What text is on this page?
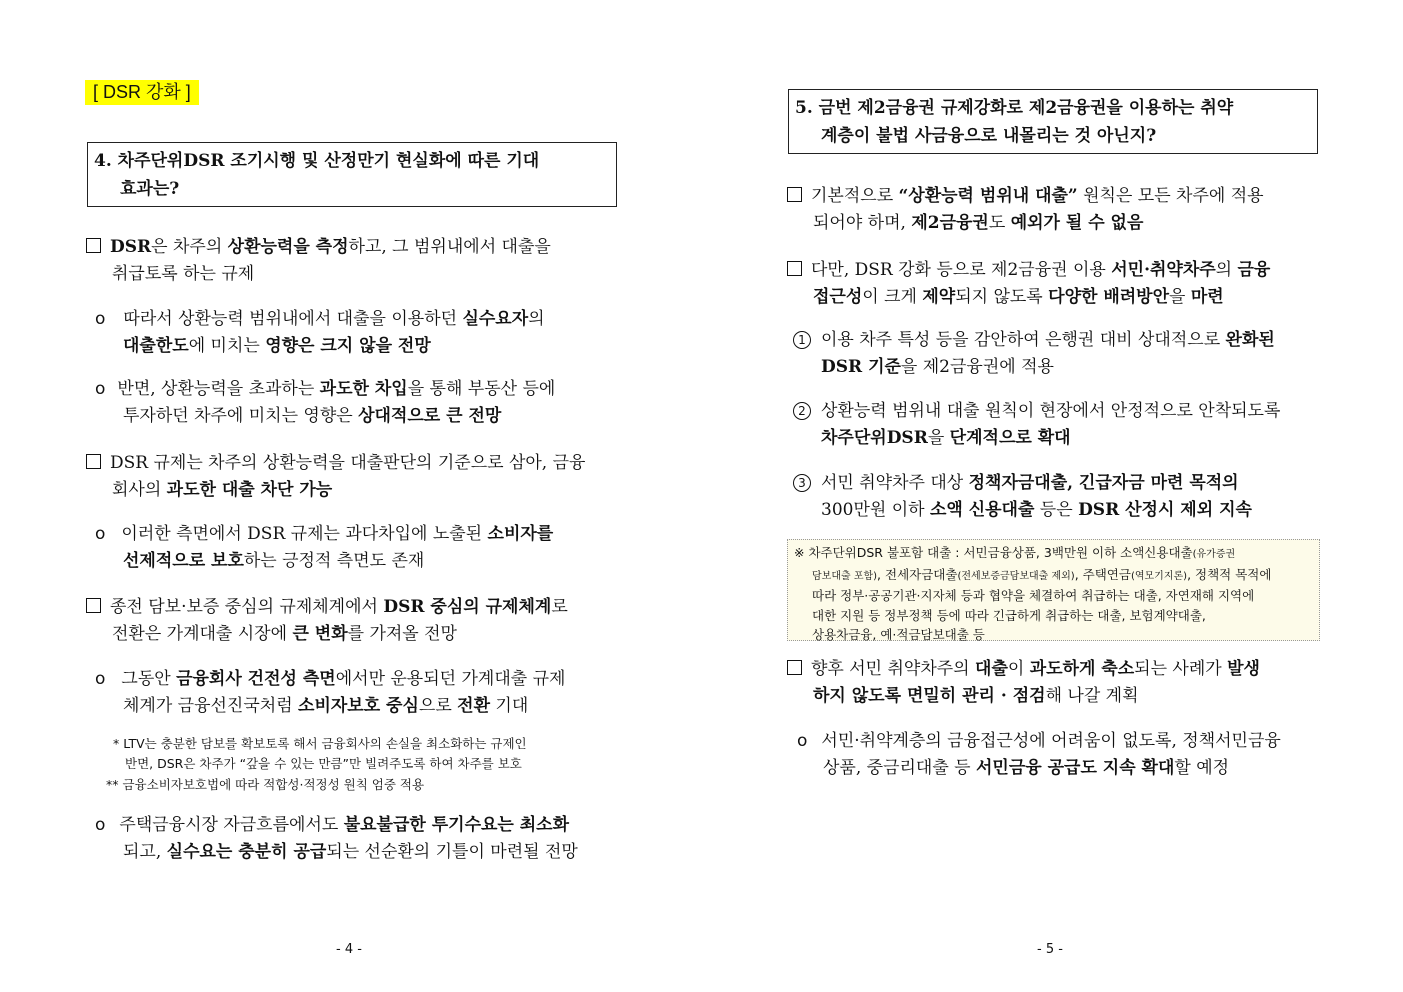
[ DSR 강화 ]
4. 차주단위DSR 조기시행 및 산정만기 현실화에 따른 기대
효과는?
DSR은 차주의 상환능력을 측정하고, 그 범위내에서 대출을
취급토록 하는 규제
ο 따라서 상환능력 범위내에서 대출을 이용하던 실수요자의
대출한도에 미치는 영향은 크지 않을 전망
ο 반면, 상환능력을 초과하는 과도한 차입을 통해 부동산 등에
투자하던 차주에 미치는 영향은 상대적으로 큰 전망
DSR 규제는 차주의 상환능력을 대출판단의 기준으로 삼아, 금융
회사의 과도한 대출 차단 가능
ο 이러한 측면에서 DSR 규제는 과다차입에 노출된 소비자를
선제적으로 보호하는 긍정적 측면도 존재
종전 담보·보증 중심의 규제체계에서 DSR 중심의 규제체계로
전환은 가계대출 시장에 큰 변화를 가져올 전망
ο 그동안 금융회사 건전성 측면에서만 운용되던 가계대출 규제
체계가 금융선진국처럼 소비자보호 중심으로 전환 기대
* LTV는 충분한 담보를 확보토록 해서 금융회사의 손실을 최소화하는 규제인
반면, DSR은 차주가 “갚을 수 있는 만큼”만 빌려주도록 하여 차주를 보호
** 금융소비자보호법에 따라 적합성·적정성 원칙 엄중 적용
ο 주택금융시장 자금흐름에서도 불요불급한 투기수요는 최소화
되고, 실수요는 충분히 공급되는 선순환의 기틀이 마련될 전망
- 4 -
5. 금번 제2금융권 규제강화로 제2금융권을 이용하는 취약
계층이 불법 사금융으로 내몰리는 것 아닌지?
기본적으로 “상환능력 범위내 대출” 원칙은 모든 차주에 적용
되어야 하며, 제2금융권도 예외가 될 수 없음
다만, DSR 강화 등으로 제2금융권 이용 서민·취약차주의 금융
접근성이 크게 제약되지 않도록 다양한 배려방안을 마련
1 이용 차주 특성 등을 감안하여 은행권 대비 상대적으로 완화된
DSR 기준을 제2금융권에 적용
2 상환능력 범위내 대출 원칙이 현장에서 안정적으로 안착되도록
차주단위DSR을 단계적으로 확대
3 서민 취약차주 대상 정책자금대출, 긴급자금 마련 목적의
300만원 이하 소액 신용대출 등은 DSR 산정시 제외 지속
※ 차주단위DSR 불포함 대출 : 서민금융상품, 3백만원 이하 소액신용대출(유가증권
담보대출 포함), 전세자금대출(전세보증금담보대출 제외), 주택연금(역모기지론), 정책적 목적에
따라 정부·공공기관·지자체 등과 협약을 체결하여 취급하는 대출, 자연재해 지역에
대한 지원 등 정부정책 등에 따라 긴급하게 취급하는 대출, 보험계약대출,
상용차금융, 예·적금담보대출 등
향후 서민 취약차주의 대출이 과도하게 축소되는 사례가 발생
하지 않도록 면밀히 관리 · 점검해 나갈 계획
ο 서민·취약계층의 금융접근성에 어려움이 없도록, 정책서민금융
상품, 중금리대출 등 서민금융 공급도 지속 확대할 예정
- 5 -
